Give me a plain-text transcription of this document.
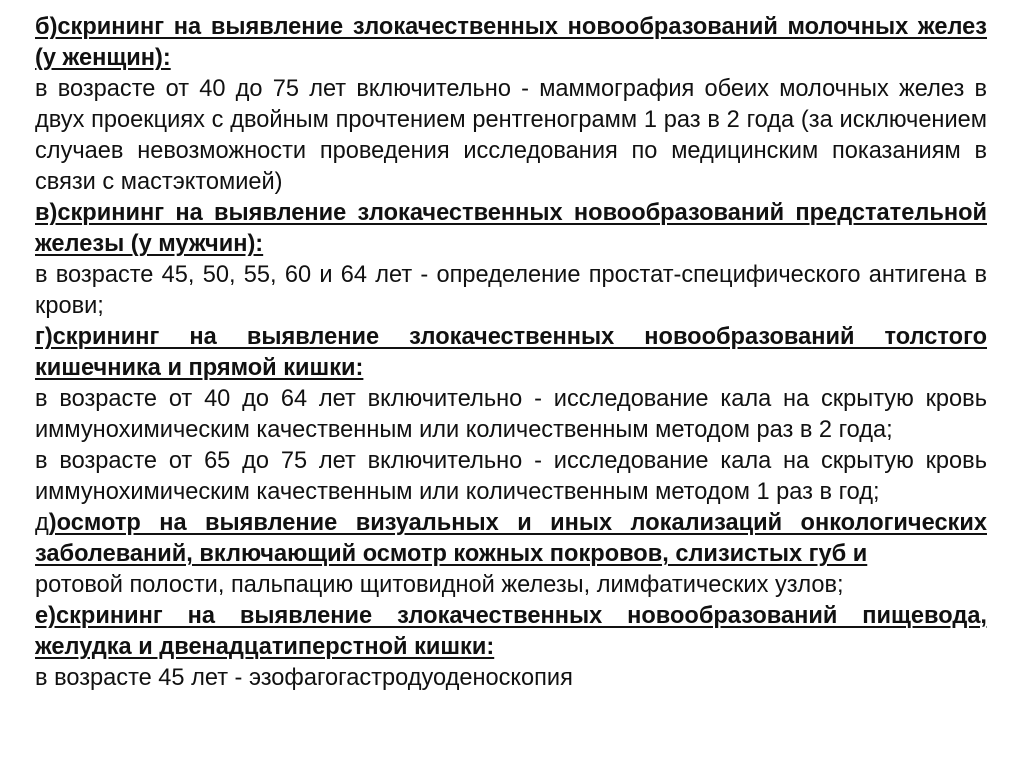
б)скрининг на выявление злокачественных новообразований молочных желез (у женщин):

в возрасте от 40 до 75 лет включительно - маммография обеих молочных желез в двух проекциях с двойным прочтением рентгенограмм 1 раз в 2 года (за исключением случаев невозможности проведения исследования по медицинским показаниям в связи с мастэктомией)

в)скрининг на выявление злокачественных новообразований предстательной железы (у мужчин):

в возрасте 45, 50, 55, 60 и 64 лет - определение простат-специфического антигена в крови;

г)скрининг на выявление злокачественных новообразований толстого кишечника и прямой кишки:

в возрасте от 40 до 64 лет включительно - исследование кала на скрытую кровь иммунохимическим качественным или количественным методом раз в 2 года;

в возрасте от 65 до 75 лет включительно - исследование кала на скрытую кровь иммунохимическим качественным или количественным методом 1 раз в год;

д)осмотр на выявление визуальных и иных локализаций онкологических заболеваний, включающий осмотр кожных покровов, слизистых губ и

ротовой полости, пальпацию щитовидной железы, лимфатических узлов;

е)скрининг на выявление злокачественных новообразований пищевода, желудка и двенадцатиперстной кишки:

в возрасте 45 лет - эзофагогастродуоденоскопия
